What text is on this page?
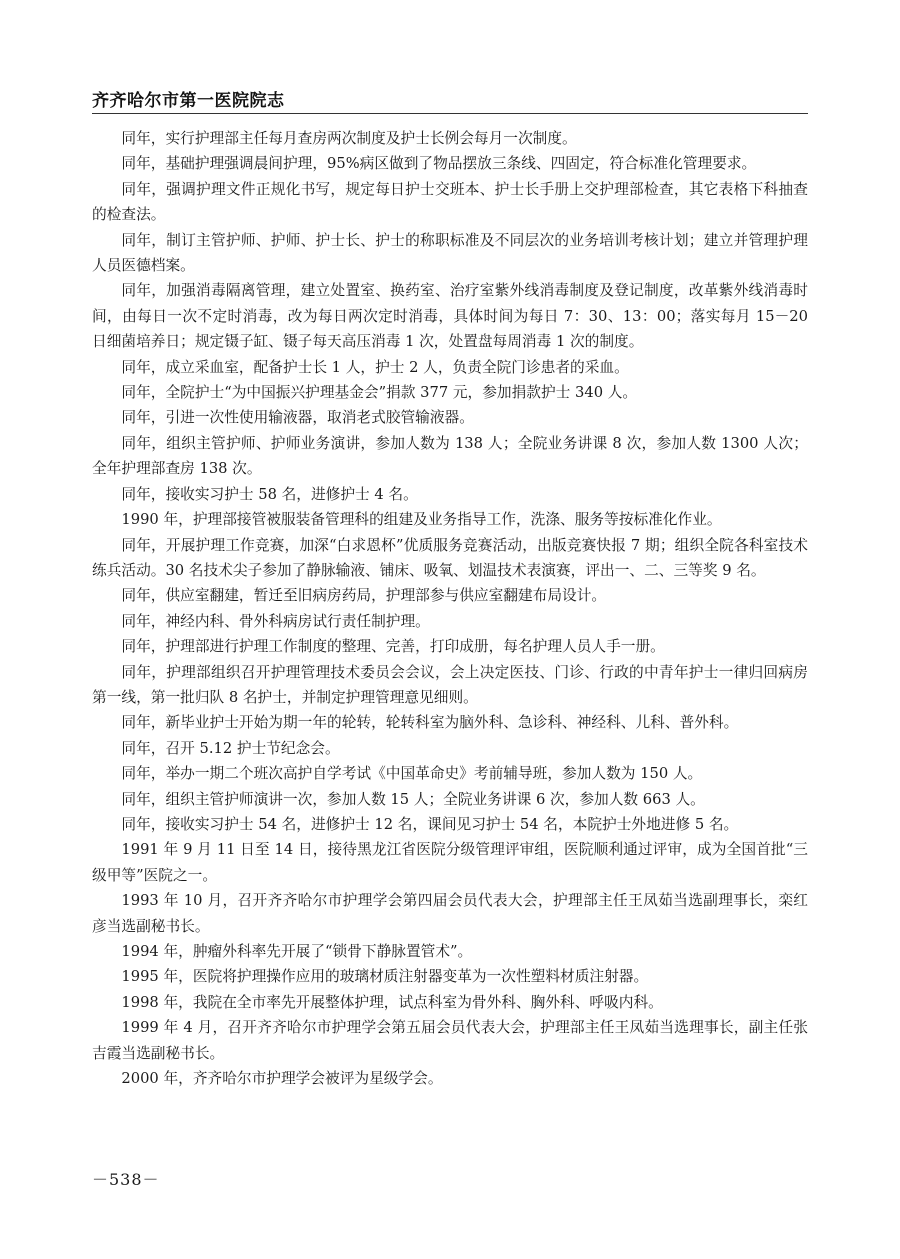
齐齐哈尔市第一医院院志

同年，实行护理部主任每月查房两次制度及护士长例会每月一次制度。

同年，基础护理强调晨间护理，95%病区做到了物品摆放三条线、四固定，符合标准化管理要求。

同年，强调护理文件正规化书写，规定每日护士交班本、护士长手册上交护理部检查，其它表格下科抽查的检查法。

同年，制订主管护师、护师、护士长、护士的称职标准及不同层次的业务培训考核计划；建立并管理护理人员医德档案。

同年，加强消毒隔离管理，建立处置室、换药室、治疗室紫外线消毒制度及登记制度，改革紫外线消毒时间，由每日一次不定时消毒，改为每日两次定时消毒，具体时间为每日 7：30、13：00；落实每月 15－20 日细菌培养日；规定镊子缸、镊子每天高压消毒 1 次，处置盘每周消毒 1 次的制度。

同年，成立采血室，配备护士长 1 人，护士 2 人，负责全院门诊患者的采血。

同年，全院护士“为中国振兴护理基金会”捐款 377 元，参加捐款护士 340 人。

同年，引进一次性使用输液器，取消老式胶管输液器。

同年，组织主管护师、护师业务演讲，参加人数为 138 人；全院业务讲课 8 次，参加人数 1300 人次；全年护理部查房 138 次。

同年，接收实习护士 58 名，进修护士 4 名。

1990 年，护理部接管被服装备管理科的组建及业务指导工作，洗涤、服务等按标准化作业。

同年，开展护理工作竞赛，加深“白求恩杯”优质服务竞赛活动，出版竞赛快报 7 期；组织全院各科室技术练兵活动。30 名技术尖子参加了静脉输液、铺床、吸氧、划温技术表演赛，评出一、二、三等奖 9 名。

同年，供应室翻建，暂迁至旧病房药局，护理部参与供应室翻建布局设计。

同年，神经内科、骨外科病房试行责任制护理。

同年，护理部进行护理工作制度的整理、完善，打印成册，每名护理人员人手一册。

同年，护理部组织召开护理管理技术委员会会议，会上决定医技、门诊、行政的中青年护士一律归回病房第一线，第一批归队 8 名护士，并制定护理管理意见细则。

同年，新毕业护士开始为期一年的轮转，轮转科室为脑外科、急诊科、神经科、儿科、普外科。

同年，召开 5.12 护士节纪念会。

同年，举办一期二个班次高护自学考试《中国革命史》考前辅导班，参加人数为 150 人。

同年，组织主管护师演讲一次，参加人数 15 人；全院业务讲课 6 次，参加人数 663 人。

同年，接收实习护士 54 名，进修护士 12 名，课间见习护士 54 名，本院护士外地进修 5 名。

1991 年 9 月 11 日至 14 日，接待黑龙江省医院分级管理评审组，医院顺利通过评审，成为全国首批“三级甲等”医院之一。

1993 年 10 月，召开齐齐哈尔市护理学会第四届会员代表大会，护理部主任王凤茹当选副理事长，栾红彦当选副秘书长。

1994 年，肿瘤外科率先开展了“锁骨下静脉置管术”。

1995 年，医院将护理操作应用的玻璃材质注射器变革为一次性塑料材质注射器。

1998 年，我院在全市率先开展整体护理，试点科室为骨外科、胸外科、呼吸内科。

1999 年 4 月，召开齐齐哈尔市护理学会第五届会员代表大会，护理部主任王凤茹当选理事长，副主任张吉霞当选副秘书长。

2000 年，齐齐哈尔市护理学会被评为星级学会。

－538－
